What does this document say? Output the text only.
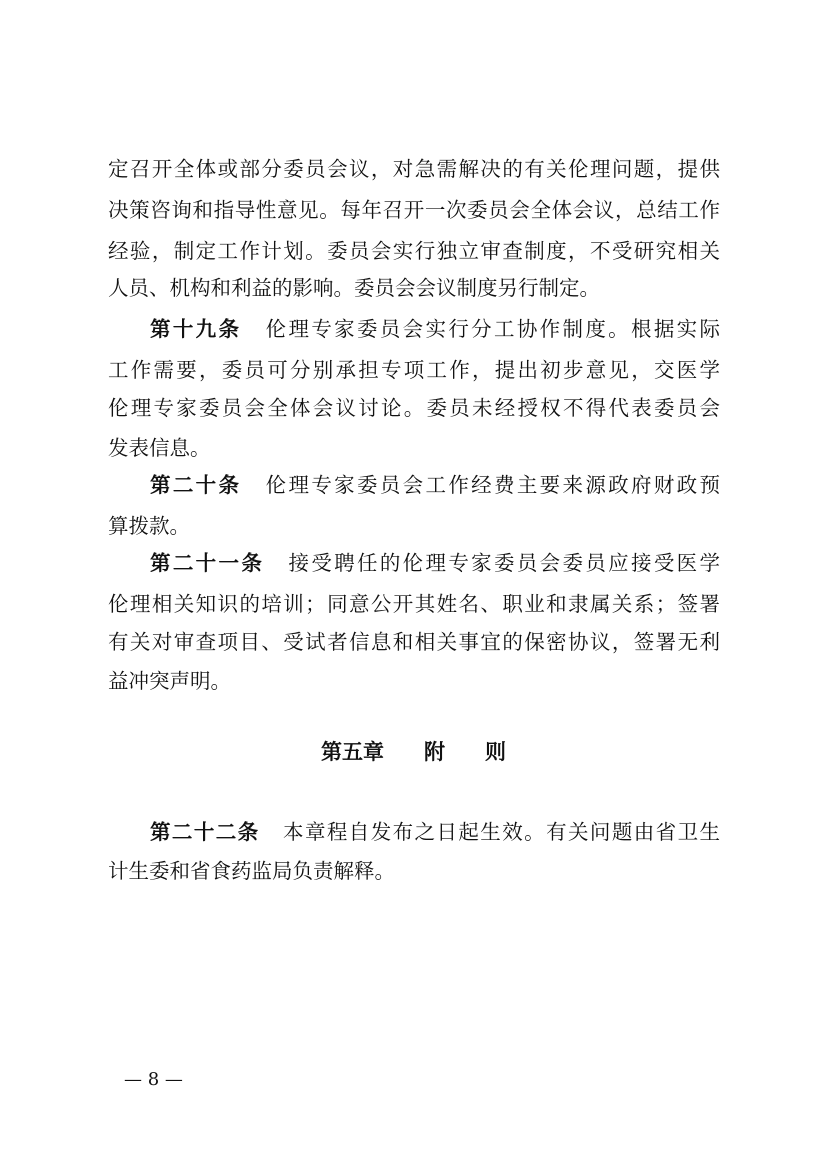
定召开全体或部分委员会议，对急需解决的有关伦理问题，提供
决策咨询和指导性意见。每年召开一次委员会全体会议，总结工作
经验，制定工作计划。委员会实行独立审查制度，不受研究相关
人员、机构和利益的影响。委员会会议制度另行制定。
第十九条 伦理专家委员会实行分工协作制度。根据实际
工作需要，委员可分别承担专项工作，提出初步意见，交医学
伦理专家委员会全体会议讨论。委员未经授权不得代表委员会
发表信息。
第二十条 伦理专家委员会工作经费主要来源政府财政预
算拨款。
第二十一条 接受聘任的伦理专家委员会委员应接受医学
伦理相关知识的培训；同意公开其姓名、职业和隶属关系；签署
有关对审查项目、受试者信息和相关事宜的保密协议，签署无利
益冲突声明。
第五章 附 则
第二十二条 本章程自发布之日起生效。有关问题由省卫生
计生委和省食药监局负责解释。
— 8 —
